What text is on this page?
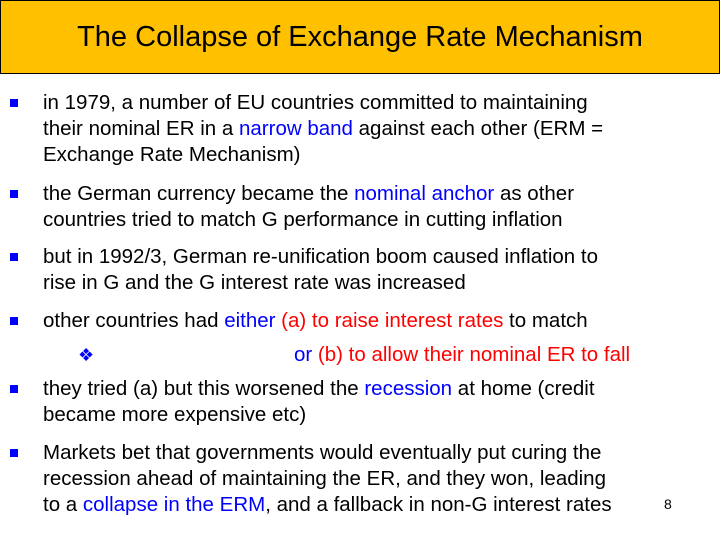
The Collapse of Exchange Rate Mechanism
in 1979, a number of EU countries committed to maintaining
their nominal ER in a narrow band against each other (ERM =
Exchange Rate Mechanism)
the German currency became the nominal anchor as other
countries tried to match G performance in cutting inflation
but in 1992/3, German re-unification boom caused inflation to
rise in G and the G interest rate was increased
other countries had either (a) to raise interest rates to match
❖	or (b) to allow their nominal ER to fall
they tried (a) but this worsened the recession at home (credit
became more expensive etc)
Markets bet that governments would eventually put curing the
recession ahead of maintaining the ER, and they won, leading
to a collapse in the ERM, and a fallback in non-G interest rates	8
